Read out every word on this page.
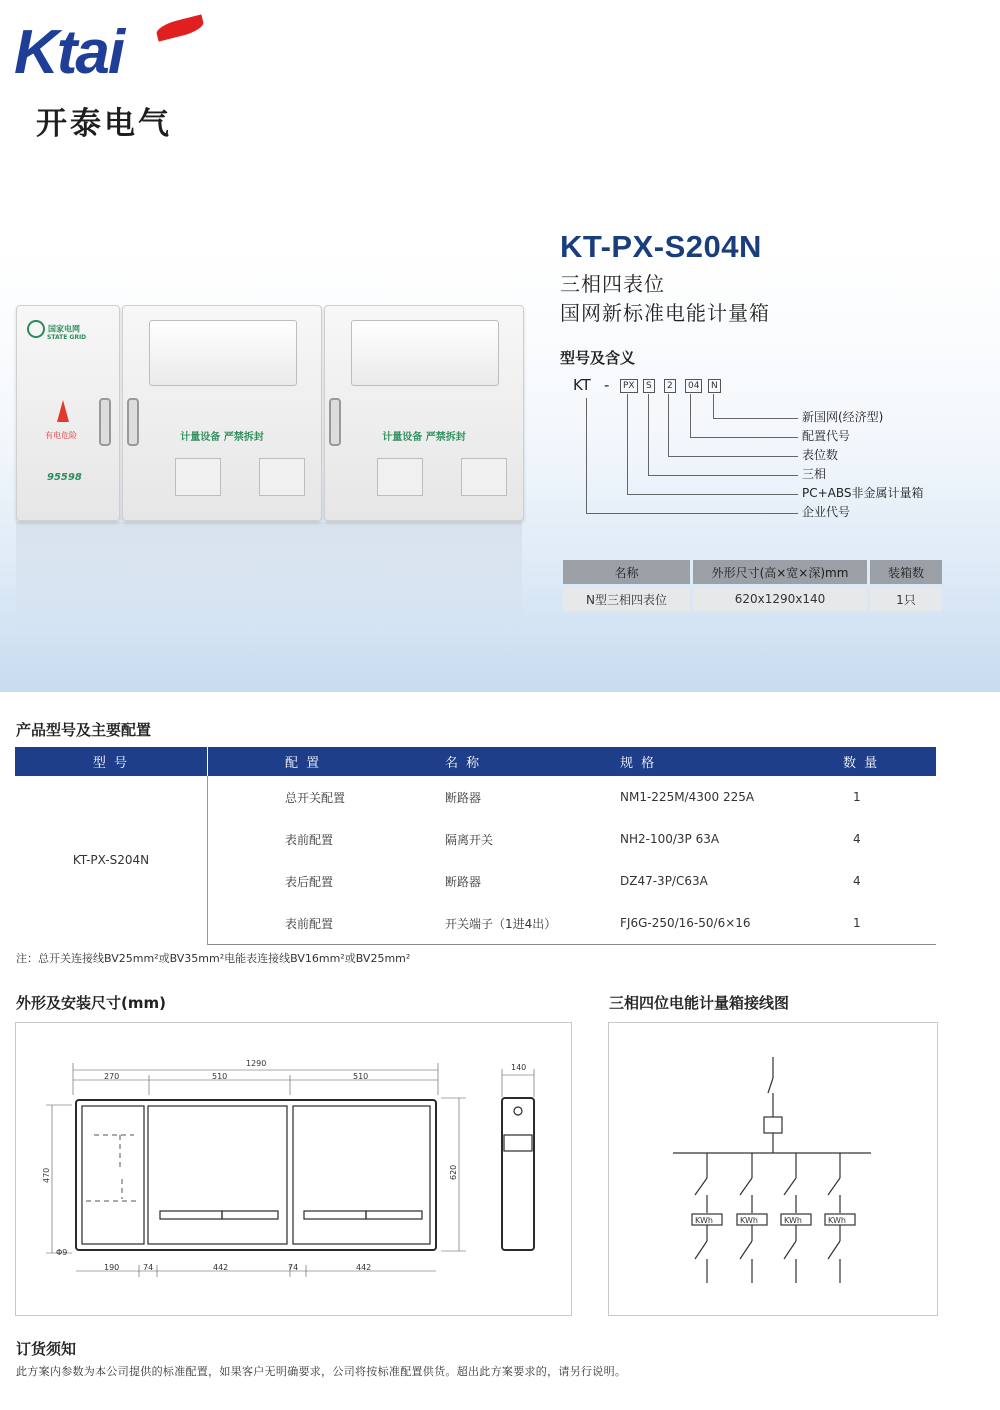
Ktai
开泰电气
国家电网
STATE GRID
有电危险
95598
计量设备 严禁拆封	计量设备 严禁拆封
KT-PX-S204N
三相四表位
国网新标准电能计量箱
型号及含义
KT -	PX	S	2	04	N
新国网(经济型)
配置代号
表位数
三相
PC+ABS非金属计量箱
企业代号
名称	外形尺寸(高×宽×深)mm	装箱数
N型三相四表位	620x1290x140	1只
产品型号及主要配置
型 号	配 置	名 称	规 格	数 量
KT-PX-S204N	总开关配置	断路器	NM1-225M/4300 225A	1
	表前配置	隔离开关	NH2-100/3P 63A	4
	表后配置	断路器	DZ47-3P/C63A	4
	表前配置	开关端子（1进4出）	FJ6G-250/16-50/6×16	1
注：总开关连接线BV25mm²或BV35mm²电能表连接线BV16mm²或BV25mm²
外形及安装尺寸(mm)
1290
270	510	510
470	620
140
Φ9
190	74	442	74	442
三相四位电能计量箱接线图
KWh	KWh	KWh	KWh
订货须知
此方案内参数为本公司提供的标准配置，如果客户无明确要求，公司将按标准配置供货。超出此方案要求的，请另行说明。
